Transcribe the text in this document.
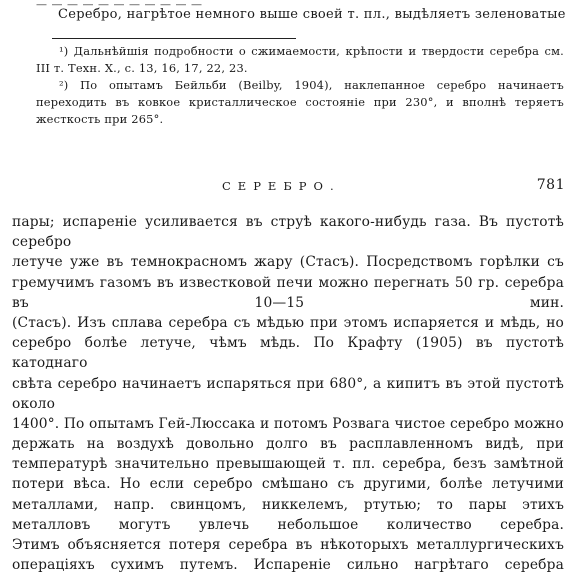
— — — — — — — — — — —
Серебро, нагрѣтое немного выше своей т. пл., выдѣляетъ зеленоватые

¹) Дальнѣйшія подробности о сжимаемости, крѣпости и твердости серебра см. III т. Техн. X., с. 13, 16, 17, 22, 23.

²) По опытамъ Бейльби (Beilby, 1904), наклепанное серебро начинаетъ переходить въ ковкое кристаллическое состояніе при 230°, и вполнѣ теряетъ жесткость при 265°.

СЕРЕБРО.	781
пары; испареніе усиливается въ струѣ какого-нибудь газа. Въ пустотѣ
серебро
летуче уже въ темнокрасномъ жару (Стасъ). Посредствомъ горѣлки съ
гремучимъ газомъ въ известковой печи можно перегнать 50 гр. серебра
въ 10—15 мин.
(Стасъ). Изъ сплава серебра съ мѣдью при этомъ испаряется и мѣдь, но
серебро болѣе летуче, чѣмъ мѣдь. По Крафту (1905) въ пустотѣ
катоднаго
свѣта серебро начинаетъ испаряться при 680°, а кипитъ въ этой пустотѣ
около
1400°. По опытамъ Гей-Люссака и потомъ Розвага чистое серебро можно
держать на воздухѣ довольно долго въ расплавленномъ видѣ, при
температурѣ значительно превышающей т. пл. серебра, безъ замѣтной
потери вѣса. Но если серебро смѣшано съ другими, болѣе летучими
металлами, напр. свинцомъ, никкелемъ, ртутью; то пары этихъ
металловъ могутъ увлечь небольшое количество серебра.
Этимъ объясняется потеря серебра въ нѣкоторыхъ металлургическихъ
операціяхъ сухимъ путемъ. Испареніе сильно нагрѣтаго серебра
